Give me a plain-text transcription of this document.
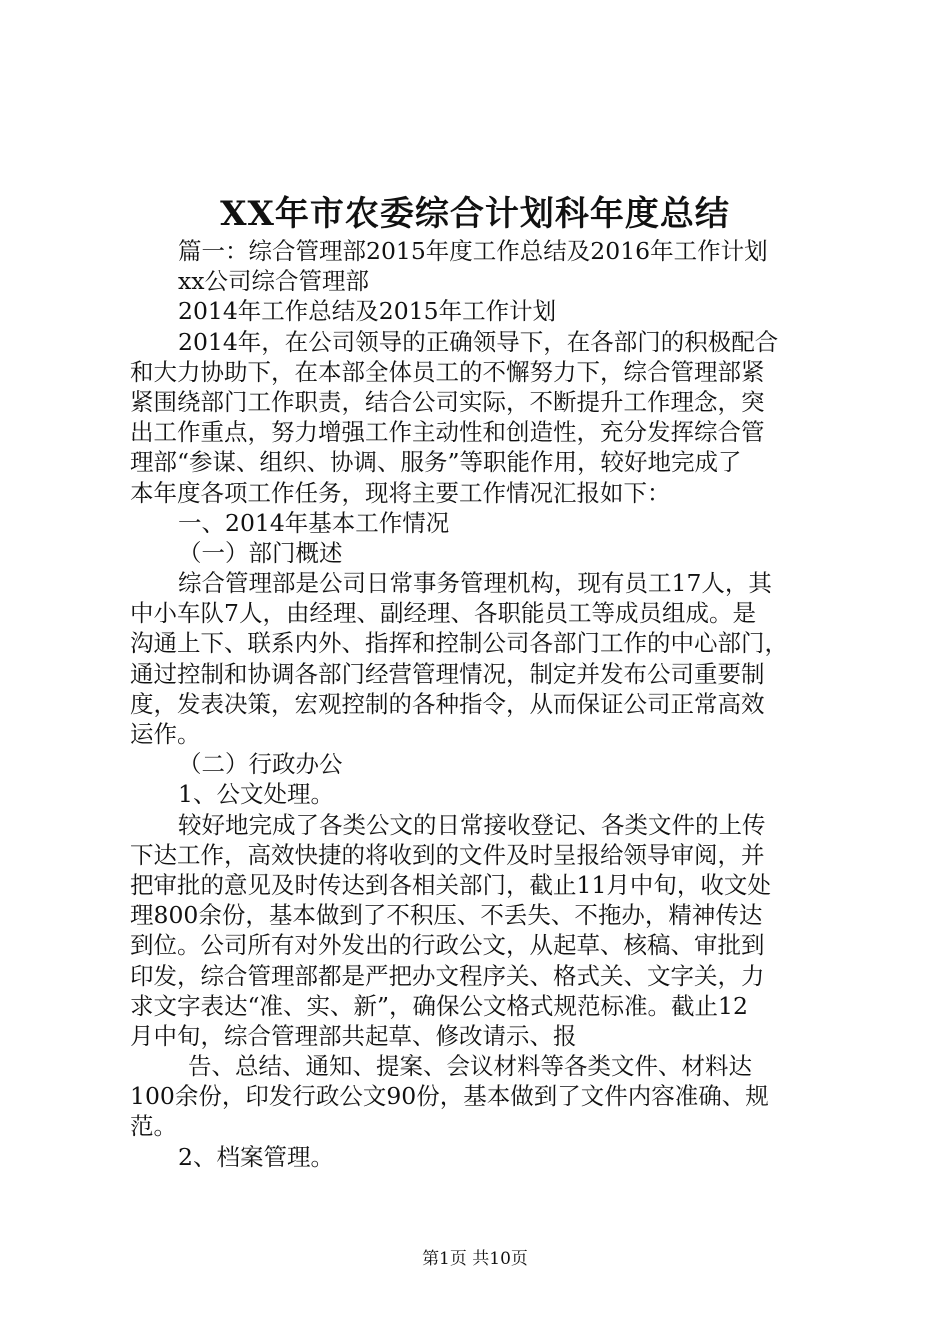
XX年市农委综合计划科年度总结
篇一：综合管理部2015年度工作总结及2016年工作计划
xx公司综合管理部
2014年工作总结及2015年工作计划
2014年，在公司领导的正确领导下，在各部门的积极配合
和大力协助下，在本部全体员工的不懈努力下，综合管理部紧
紧围绕部门工作职责，结合公司实际，不断提升工作理念，突
出工作重点，努力增强工作主动性和创造性，充分发挥综合管
理部“参谋、组织、协调、服务”等职能作用，较好地完成了
本年度各项工作任务，现将主要工作情况汇报如下：
一、2014年基本工作情况
（一）部门概述
综合管理部是公司日常事务管理机构，现有员工17人，其
中小车队7人，由经理、副经理、各职能员工等成员组成。是
沟通上下、联系内外、指挥和控制公司各部门工作的中心部门，
通过控制和协调各部门经营管理情况，制定并发布公司重要制
度，发表决策，宏观控制的各种指令，从而保证公司正常高效
运作。
（二）行政办公
1、公文处理。
较好地完成了各类公文的日常接收登记、各类文件的上传
下达工作，高效快捷的将收到的文件及时呈报给领导审阅，并
把审批的意见及时传达到各相关部门，截止11月中旬，收文处
理800余份，基本做到了不积压、不丢失、不拖办，精神传达
到位。公司所有对外发出的行政公文，从起草、核稿、审批到
印发，综合管理部都是严把办文程序关、格式关、文字关，力
求文字表达“准、实、新”，确保公文格式规范标准。截止12
月中旬，综合管理部共起草、修改请示、报
告、总结、通知、提案、会议材料等各类文件、材料达
100余份，印发行政公文90份，基本做到了文件内容准确、规
范。
2、档案管理。
第1页 共10页
